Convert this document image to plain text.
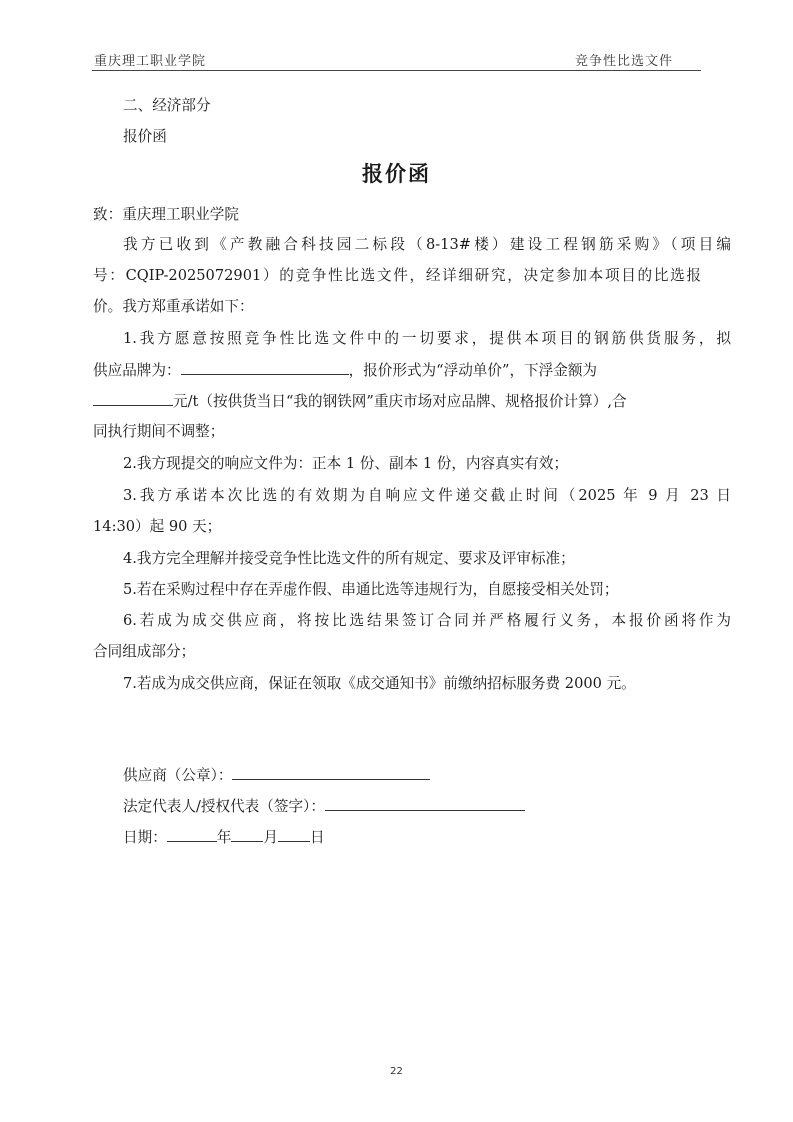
重庆理工职业学院	竞争性比选文件
二、经济部分
报价函
报价函
致：重庆理工职业学院
我方已收到《产教融合科技园二标段（8-13#楼）建设工程钢筋采购》（项目编
号：CQIP-2025072901）的竞争性比选文件，经详细研究，决定参加本项目的比选报
价。我方郑重承诺如下：
1.我方愿意按照竞争性比选文件中的一切要求，提供本项目的钢筋供货服务，拟
供应品牌为：	，报价形式为“浮动单价”，下浮金额为
元/t（按供货当日“我的钢铁网”重庆市场对应品牌、规格报价计算）,合
同执行期间不调整；
2.我方现提交的响应文件为：正本 1 份、副本 1 份，内容真实有效；
3.我方承诺本次比选的有效期为自响应文件递交截止时间（2025 年 9 月 23 日
14:30）起 90 天；
4.我方完全理解并接受竞争性比选文件的所有规定、要求及评审标准；
5.若在采购过程中存在弄虚作假、串通比选等违规行为，自愿接受相关处罚；
6.若成为成交供应商，将按比选结果签订合同并严格履行义务，本报价函将作为
合同组成部分；
7.若成为成交供应商，保证在领取《成交通知书》前缴纳招标服务费 2000 元。
供应商（公章）：
法定代表人/授权代表（签字）：
日期：	年 月 日
22
